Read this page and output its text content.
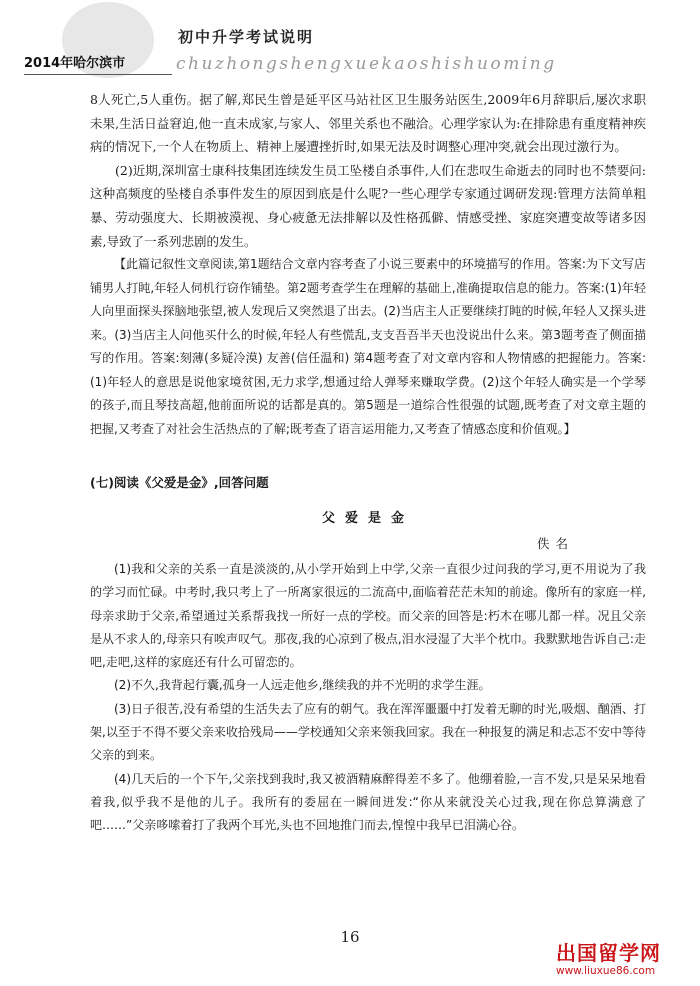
初中升学考试说明
chuzhongshengxuekaoshishuoming
2014年哈尔滨市

8人死亡,5人重伤。据了解,郑民生曾是延平区马站社区卫生服务站医生,2009年6月辞职后,屡次求职未果,生活日益窘迫,他一直未成家,与家人、邻里关系也不融洽。心理学家认为:在排除患有重度精神疾病的情况下,一个人在物质上、精神上屡遭挫折时,如果无法及时调整心理冲突,就会出现过激行为。

(2)近期,深圳富士康科技集团连续发生员工坠楼自杀事件,人们在悲叹生命逝去的同时也不禁要问:这种高频度的坠楼自杀事件发生的原因到底是什么呢?一些心理学专家通过调研发现:管理方法简单粗暴、劳动强度大、长期被漠视、身心疲惫无法排解以及性格孤僻、情感受挫、家庭突遭变故等诸多因素,导致了一系列悲剧的发生。

【此篇记叙性文章阅读,第1题结合文章内容考查了小说三要素中的环境描写的作用。答案:为下文写店铺男人打盹,年轻人伺机行窃作铺垫。第2题考查学生在理解的基础上,准确提取信息的能力。答案:(1)年轻人向里面探头探脑地张望,被人发现后又突然退了出去。(2)当店主人正要继续打盹的时候,年轻人又探头进来。(3)当店主人问他买什么的时候,年轻人有些慌乱,支支吾吾半天也没说出什么来。第3题考查了侧面描写的作用。答案:刻薄(多疑冷漠) 友善(信任温和) 第4题考查了对文章内容和人物情感的把握能力。答案:(1)年轻人的意思是说他家境贫困,无力求学,想通过给人弹琴来赚取学费。(2)这个年轻人确实是一个学琴的孩子,而且琴技高超,他前面所说的话都是真的。第5题是一道综合性很强的试题,既考查了对文章主题的把握,又考查了对社会生活热点的了解;既考查了语言运用能力,又考查了情感态度和价值观。】

(七)阅读《父爱是金》,回答问题
父爱是金
佚名

(1)我和父亲的关系一直是淡淡的,从小学开始到上中学,父亲一直很少过问我的学习,更不用说为了我的学习而忙碌。中考时,我只考上了一所离家很远的二流高中,面临着茫茫未知的前途。像所有的家庭一样,母亲求助于父亲,希望通过关系帮我找一所好一点的学校。而父亲的回答是:朽木在哪儿都一样。况且父亲是从不求人的,母亲只有唉声叹气。那夜,我的心凉到了极点,泪水浸湿了大半个枕巾。我默默地告诉自己:走吧,走吧,这样的家庭还有什么可留恋的。

(2)不久,我背起行囊,孤身一人远走他乡,继续我的并不光明的求学生涯。

(3)日子很苦,没有希望的生活失去了应有的朝气。我在浑浑噩噩中打发着无聊的时光,吸烟、酗酒、打架,以至于不得不要父亲来收拾残局——学校通知父亲来领我回家。我在一种报复的满足和忐忑不安中等待父亲的到来。

(4)几天后的一个下午,父亲找到我时,我又被酒精麻醉得差不多了。他绷着脸,一言不发,只是呆呆地看着我,似乎我不是他的儿子。我所有的委屈在一瞬间迸发:“你从来就没关心过我,现在你总算满意了吧……”父亲哆嗦着打了我两个耳光,头也不回地推门而去,惶惶中我早已泪满心谷。

16
出国留学网
www.liuxue86.com
